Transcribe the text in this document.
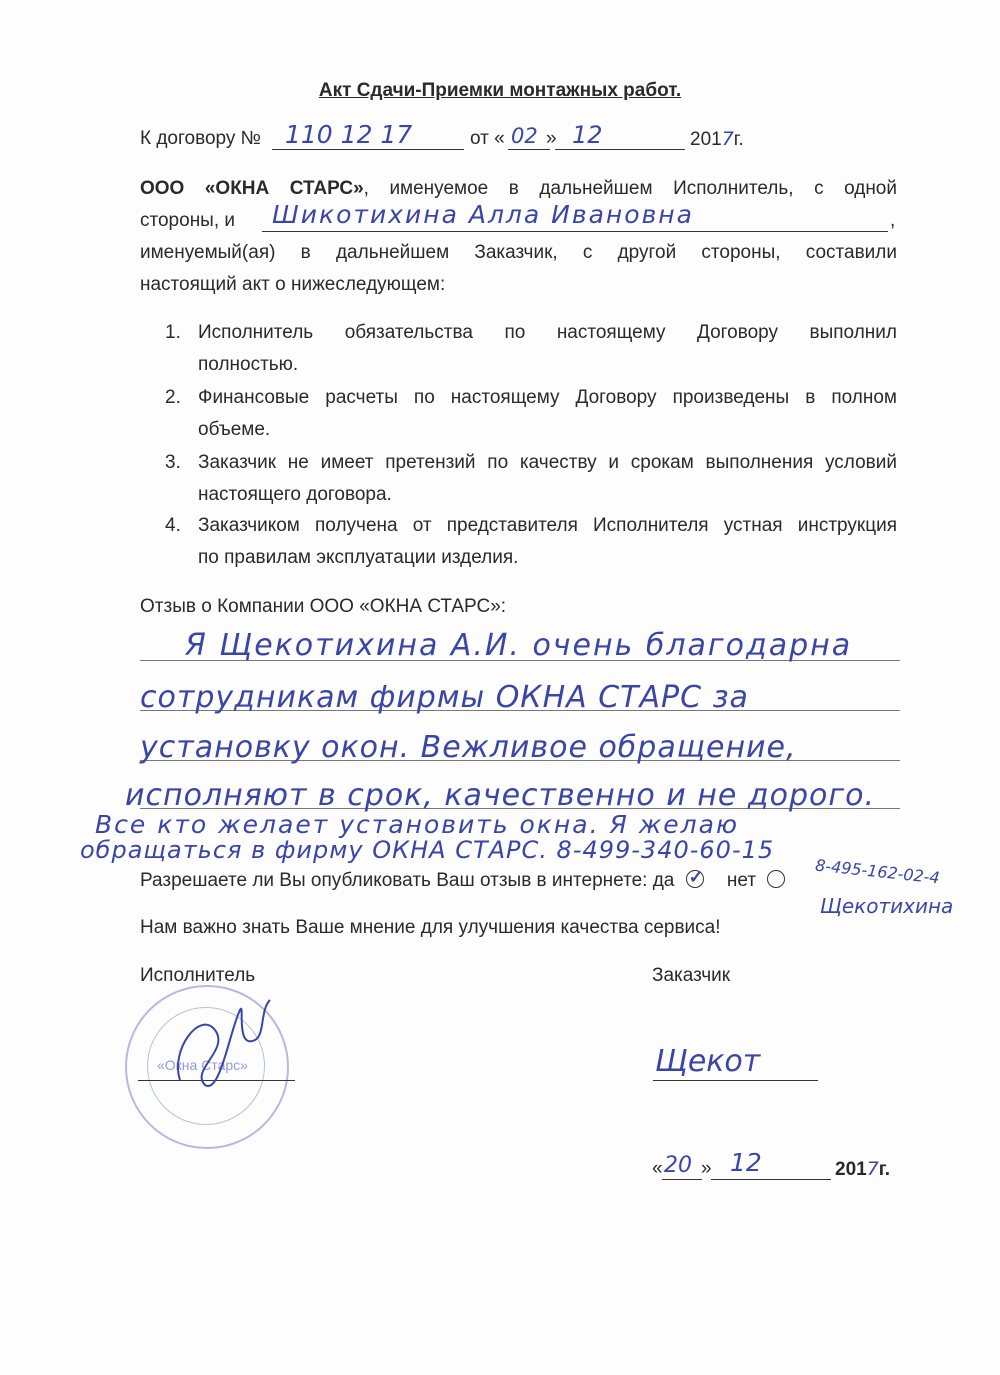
Акт Сдачи-Приемки монтажных работ.
К договору № 110 12 17	от « 02 » 12	2017г.
ООО «ОКНА СТАРС», именуемое в дальнейшем Исполнитель, с одной
стороны, и Шикотихина Алла Ивановна	,
именуемый(ая) в дальнейшем Заказчик, с другой стороны, составили
настоящий акт о нижеследующем:
1. Исполнитель обязательства по настоящему Договору выполнил
полностью.
2. Финансовые расчеты по настоящему Договору произведены в полном
объеме.
3. Заказчик не имеет претензий по качеству и срокам выполнения условий
настоящего договора.
4. Заказчиком получена от представителя Исполнителя устная инструкция
по правилам эксплуатации изделия.
Отзыв о Компании ООО «ОКНА СТАРС»:
Я Щекотихина А.И. очень благодарна
сотрудникам фирмы ОКНА СТАРС за
установку окон. Вежливое обращение,
исполняют в срок, качественно и не дорого.
Все кто желает установить окна. Я желаю
обращаться в фирму ОКНА СТАРС. 8-499-340-60-15
Разрешаете ли Вы опубликовать Ваш отзыв в интернете: да ✓ нет	8-495-162-02-4
Щекотихина
Нам важно знать Ваше мнение для улучшения качества сервиса!
Исполнитель	Заказчик
«Окна Старс»	Щекот
« 20 » 12	2017г.
